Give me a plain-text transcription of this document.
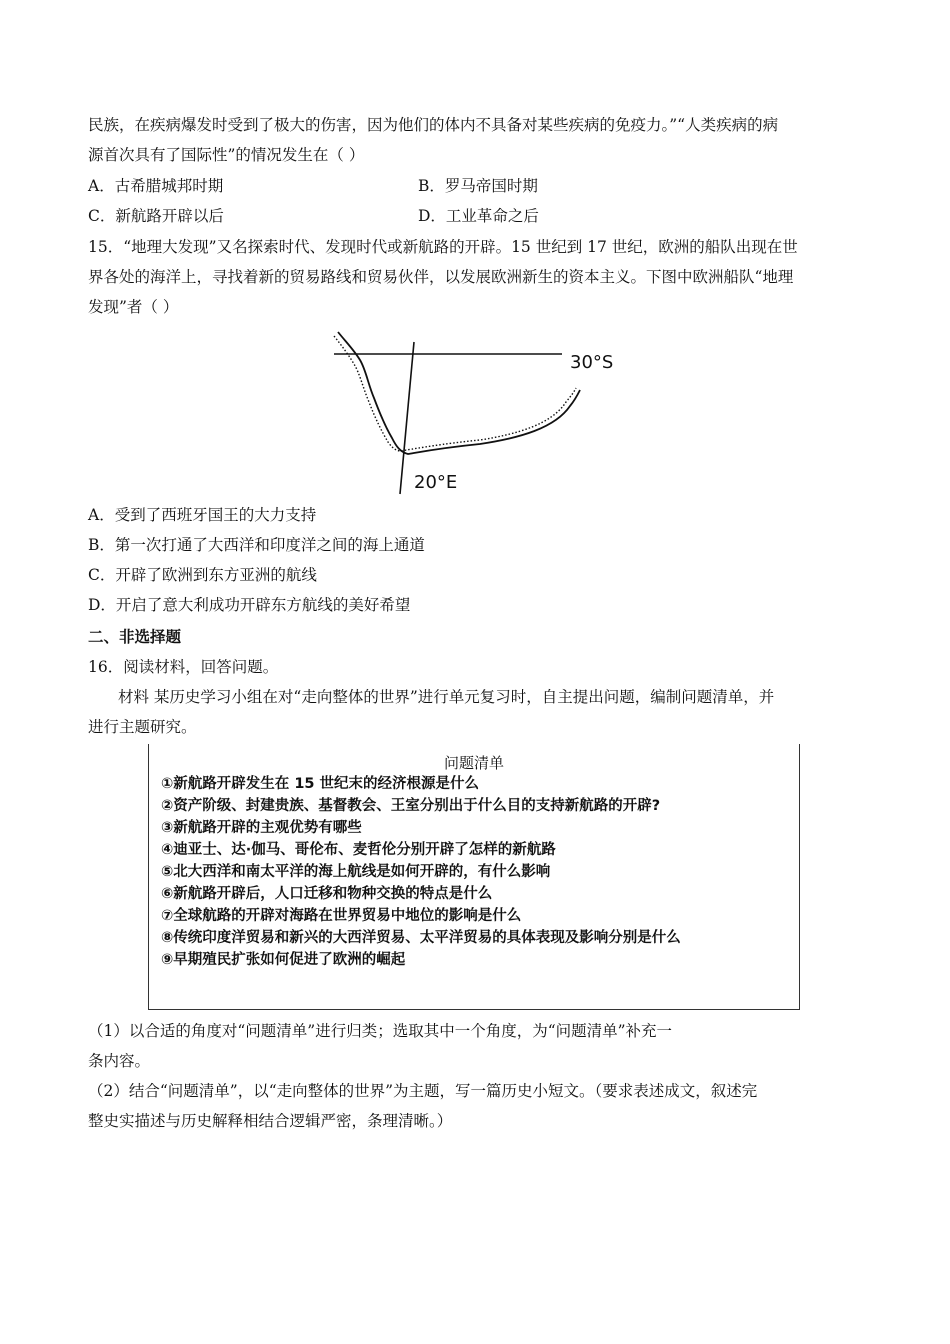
民族，在疾病爆发时受到了极大的伤害，因为他们的体内不具备对某些疾病的免疫力。”“人类疾病的病
源首次具有了国际性”的情况发生在（ ）
A．古希腊城邦时期	B．罗马帝国时期
C．新航路开辟以后	D．工业革命之后
15．“地理大发现”又名探索时代、发现时代或新航路的开辟。15 世纪到 17 世纪，欧洲的船队出现在世
界各处的海洋上，寻找着新的贸易路线和贸易伙伴，以发展欧洲新生的资本主义。下图中欧洲船队“地理
发现”者（ ）
30°S
20°E
A．受到了西班牙国王的大力支持
B．第一次打通了大西洋和印度洋之间的海上通道
C．开辟了欧洲到东方亚洲的航线
D．开启了意大利成功开辟东方航线的美好希望
二、非选择题
16．阅读材料，回答问题。
材料 某历史学习小组在对“走向整体的世界”进行单元复习时，自主提出问题，编制问题清单，并
进行主题研究。
问题清单
①新航路开辟发生在 15 世纪末的经济根源是什么
②资产阶级、封建贵族、基督教会、王室分别出于什么目的支持新航路的开辟?
③新航路开辟的主观优势有哪些
④迪亚士、达·伽马、哥伦布、麦哲伦分别开辟了怎样的新航路
⑤北大西洋和南太平洋的海上航线是如何开辟的，有什么影响
⑥新航路开辟后，人口迁移和物种交换的特点是什么
⑦全球航路的开辟对海路在世界贸易中地位的影响是什么
⑧传统印度洋贸易和新兴的大西洋贸易、太平洋贸易的具体表现及影响分别是什么
⑨早期殖民扩张如何促进了欧洲的崛起
（1）以合适的角度对“问题清单”进行归类；选取其中一个角度，为“问题清单”补充一
条内容。
（2）结合“问题清单”，以“走向整体的世界”为主题，写一篇历史小短文。（要求表述成文，叙述完
整史实描述与历史解释相结合逻辑严密，条理清晰。）
